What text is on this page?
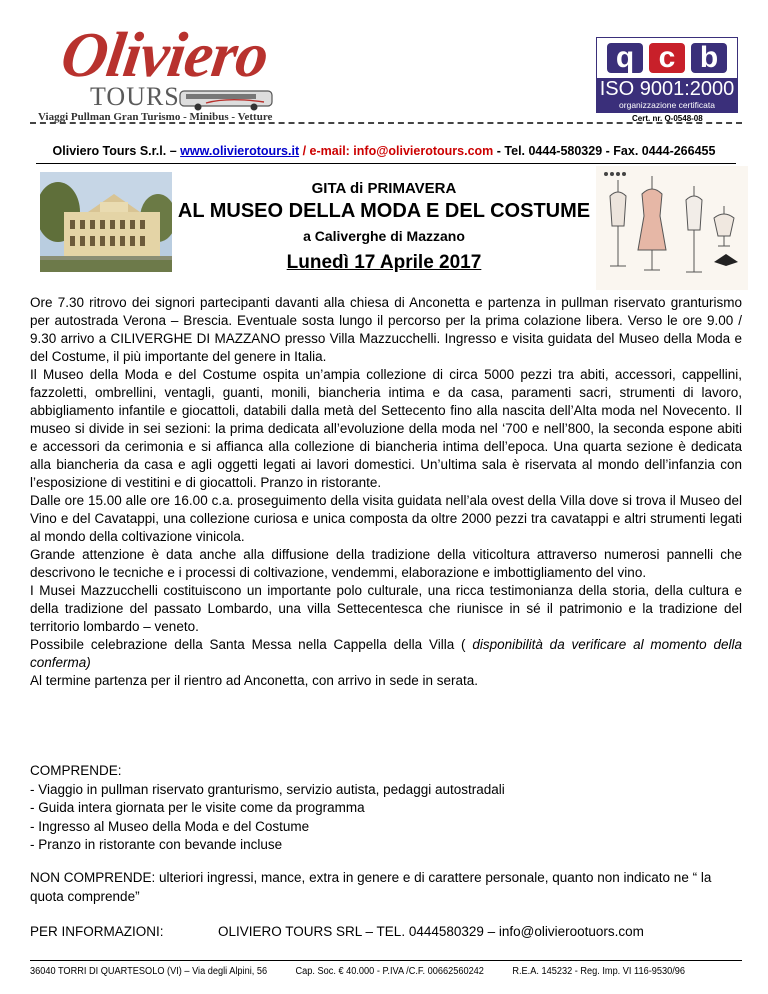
Oliviero
TOURS
Viaggi Pullman Gran Turismo - Minibus - Vetture
q c b
ISO 9001:2000
organizzazione certificata
Cert. nr. Q-0548-08
Oliviero Tours S.r.l. – www.olivierotours.it / e-mail: info@olivierotours.com - Tel. 0444-580329 - Fax. 0444-266455
GITA di PRIMAVERA
AL MUSEO DELLA MODA E DEL COSTUME
a Caliverghe di Mazzano
Lunedì 17 Aprile 2017

Ore 7.30 ritrovo dei signori partecipanti davanti alla chiesa di Anconetta e partenza in pullman riservato granturismo per autostrada Verona – Brescia. Eventuale sosta lungo il percorso per la prima colazione libera. Verso le ore 9.00 / 9.30 arrivo a CILIVERGHE DI MAZZANO presso Villa Mazzucchelli. Ingresso e visita guidata del Museo della Moda e del Costume, il più importante del genere in Italia.

Il Museo della Moda e del Costume ospita un’ampia collezione di circa 5000 pezzi tra abiti, accessori, cappellini, fazzoletti, ombrellini, ventagli, guanti, monili, biancheria intima e da casa, paramenti sacri, strumenti di lavoro, abbigliamento infantile e giocattoli, databili dalla metà del Settecento fino alla nascita dell’Alta moda nel Novecento. Il museo si divide in sei sezioni: la prima dedicata all’evoluzione della moda nel ‘700 e nell’800, la seconda espone abiti e accessori da cerimonia e si affianca alla collezione di biancheria intima dell’epoca. Una quarta sezione è dedicata alla biancheria da casa e agli oggetti legati ai lavori domestici. Un’ultima sala è riservata al mondo dell’infanzia con l’esposizione di vestitini e di giocattoli. Pranzo in ristorante.

Dalle ore 15.00 alle ore 16.00 c.a. proseguimento della visita guidata nell’ala ovest della Villa dove si trova il Museo del Vino e del Cavatappi, una collezione curiosa e unica composta da oltre 2000 pezzi tra cavatappi e altri strumenti legati al mondo della coltivazione vinicola.

Grande attenzione è data anche alla diffusione della tradizione della viticoltura attraverso numerosi pannelli che descrivono le tecniche e i processi di coltivazione, vendemmi, elaborazione e imbottigliamento del vino.

I Musei Mazzucchelli costituiscono un importante polo culturale, una ricca testimonianza della storia, della cultura e della tradizione del passato Lombardo, una villa Settecentesca che riunisce in sé il patrimonio e la tradizione del territorio lombardo – veneto.

Possibile celebrazione della Santa Messa nella Cappella della Villa ( disponibilità da verificare al momento della conferma)

Al termine partenza per il rientro ad Anconetta, con arrivo in sede in serata.

COMPRENDE:
- Viaggio in pullman riservato granturismo, servizio autista, pedaggi autostradali
- Guida intera giornata per le visite come da programma
- Ingresso al Museo della Moda e del Costume
- Pranzo in ristorante con bevande incluse
NON COMPRENDE: ulteriori ingressi, mance, extra in genere e di carattere personale, quanto non indicato ne “ la quota comprende”
PER INFORMAZIONI:	OLIVIERO TOURS SRL – TEL. 0444580329 – info@olivierootuors.com
36040 TORRI DI QUARTESOLO (VI) – Via degli Alpini, 56	Cap. Soc. € 40.000 - P.IVA /C.F. 00662560242	R.E.A. 145232 - Reg. Imp. VI 116-9530/96
